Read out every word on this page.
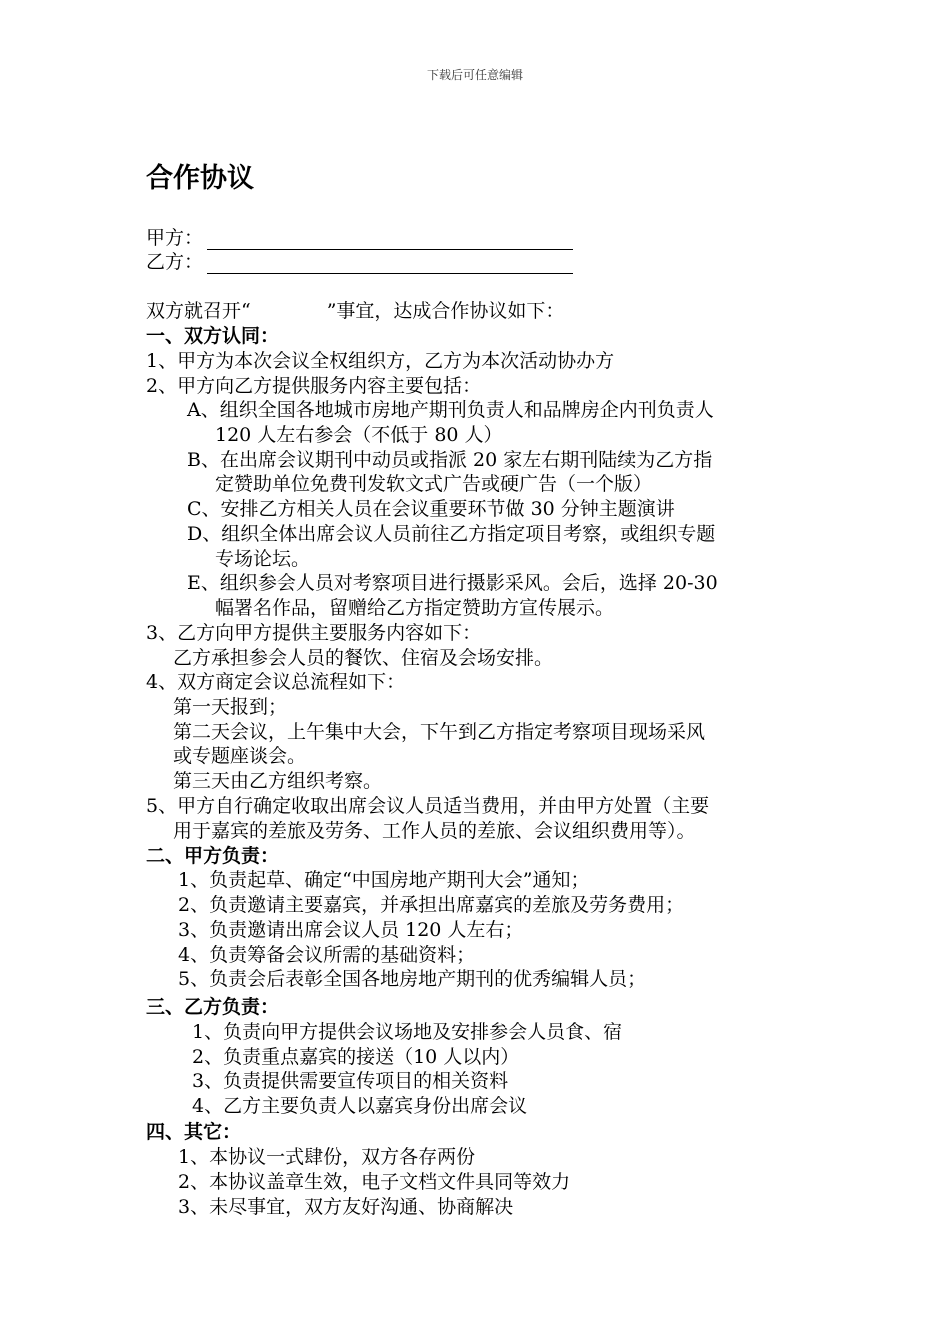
下载后可任意编辑
合作协议
甲方：
乙方：
双方就召开“　　　　”事宜，达成合作协议如下：
一、双方认同：
1、甲方为本次会议全权组织方，乙方为本次活动协办方
2、甲方向乙方提供服务内容主要包括：
A、组织全国各地城市房地产期刊负责人和品牌房企内刊负责人
120 人左右参会（不低于 80 人）
B、在出席会议期刊中动员或指派 20 家左右期刊陆续为乙方指
定赞助单位免费刊发软文式广告或硬广告（一个版）
C、安排乙方相关人员在会议重要环节做 30 分钟主题演讲
D、组织全体出席会议人员前往乙方指定项目考察，或组织专题
专场论坛。
E、组织参会人员对考察项目进行摄影采风。会后，选择 20-30
幅署名作品，留赠给乙方指定赞助方宣传展示。
3、乙方向甲方提供主要服务内容如下：
乙方承担参会人员的餐饮、住宿及会场安排。
4、双方商定会议总流程如下：
第一天报到；
第二天会议，上午集中大会，下午到乙方指定考察项目现场采风
或专题座谈会。
第三天由乙方组织考察。
5、甲方自行确定收取出席会议人员适当费用，并由甲方处置（主要
用于嘉宾的差旅及劳务、工作人员的差旅、会议组织费用等）。
二、甲方负责：
1、负责起草、确定“中国房地产期刊大会”通知；
2、负责邀请主要嘉宾，并承担出席嘉宾的差旅及劳务费用；
3、负责邀请出席会议人员 120 人左右；
4、负责筹备会议所需的基础资料；
5、负责会后表彰全国各地房地产期刊的优秀编辑人员；
三、乙方负责：
1、负责向甲方提供会议场地及安排参会人员食、宿
2、负责重点嘉宾的接送（10 人以内）
3、负责提供需要宣传项目的相关资料
4、乙方主要负责人以嘉宾身份出席会议
四、其它：
1、本协议一式肆份，双方各存两份
2、本协议盖章生效，电子文档文件具同等效力
3、未尽事宜，双方友好沟通、协商解决
